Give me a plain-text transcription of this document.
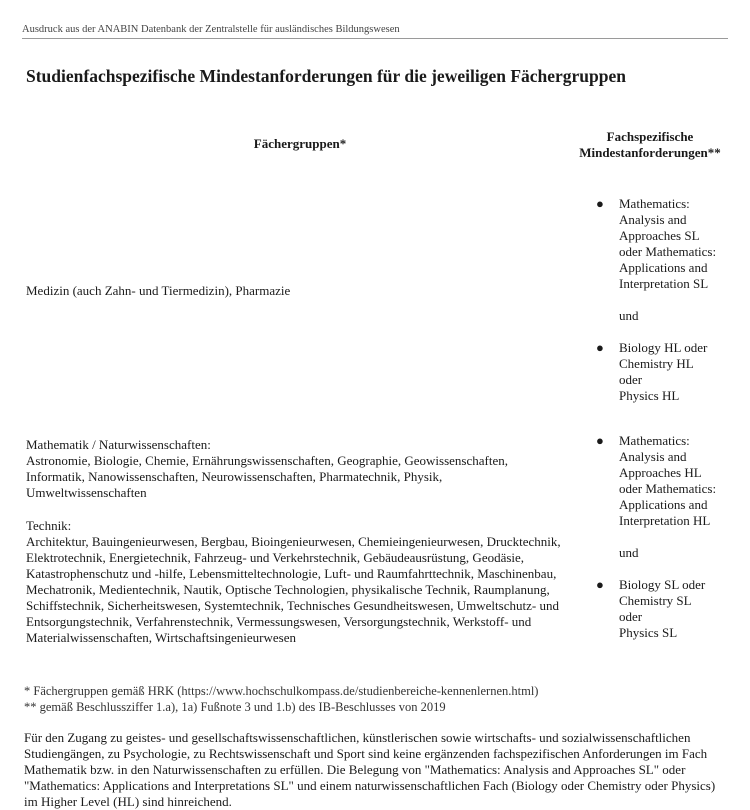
Ausdruck aus der ANABIN Datenbank der Zentralstelle für ausländisches Bildungswesen
Studienfachspezifische Mindestanforderungen für die jeweiligen Fächergruppen
Fächergruppen*	Fachspezifische Mindestanforderungen**
Medizin (auch Zahn- und Tiermedizin), Pharmazie
●	Mathematics:
Analysis and
Approaches SL
oder Mathematics:
Applications and
Interpretation SL
und
●	Biology HL oder
Chemistry HL
oder
Physics HL

Mathematik / Naturwissenschaften:

Astronomie, Biologie, Chemie, Ernährungswissenschaften, Geographie, Geowissenschaften, Informatik, Nanowissenschaften, Neurowissenschaften, Pharmatechnik, Physik, Umweltwissenschaften

Technik:

Architektur, Bauingenieurwesen, Bergbau, Bioingenieurwesen, Chemieingenieurwesen, Drucktechnik, Elektrotechnik, Energietechnik, Fahrzeug- und Verkehrstechnik, Gebäudeausrüstung, Geodäsie, Katastrophenschutz und -hilfe, Lebensmitteltechnologie, Luft- und Raumfahrttechnik, Maschinenbau, Mechatronik, Medientechnik, Nautik, Optische Technologien, physikalische Technik, Raumplanung, Schiffstechnik, Sicherheitswesen, Systemtechnik, Technisches Gesundheitswesen, Umweltschutz- und Entsorgungstechnik, Verfahrenstechnik, Vermessungswesen, Versorgungstechnik, Werkstoff- und Materialwissenschaften, Wirtschaftsingenieurwesen

●	Mathematics:
Analysis and
Approaches HL
oder Mathematics:
Applications and
Interpretation HL
und
●	Biology SL oder
Chemistry SL
oder
Physics SL

* Fächergruppen gemäß HRK (https://www.hochschulkompass.de/studienbereiche-kennenlernen.html)

** gemäß Beschlussziffer 1.a), 1a) Fußnote 3 und 1.b) des IB-Beschlusses von 2019

Für den Zugang zu geistes- und gesellschaftswissenschaftlichen, künstlerischen sowie wirtschafts- und sozialwissenschaftlichen Studiengängen, zu Psychologie, zu Rechtswissenschaft und Sport sind keine ergänzenden fachspezifischen Anforderungen im Fach Mathematik bzw. in den Naturwissenschaften zu erfüllen. Die Belegung von "Mathematics: Analysis and Approaches SL" oder "Mathematics: Applications and Interpretations SL" und einem naturwissenschaftlichen Fach (Biology oder Chemistry oder Physics) im Higher Level (HL) sind hinreichend.
